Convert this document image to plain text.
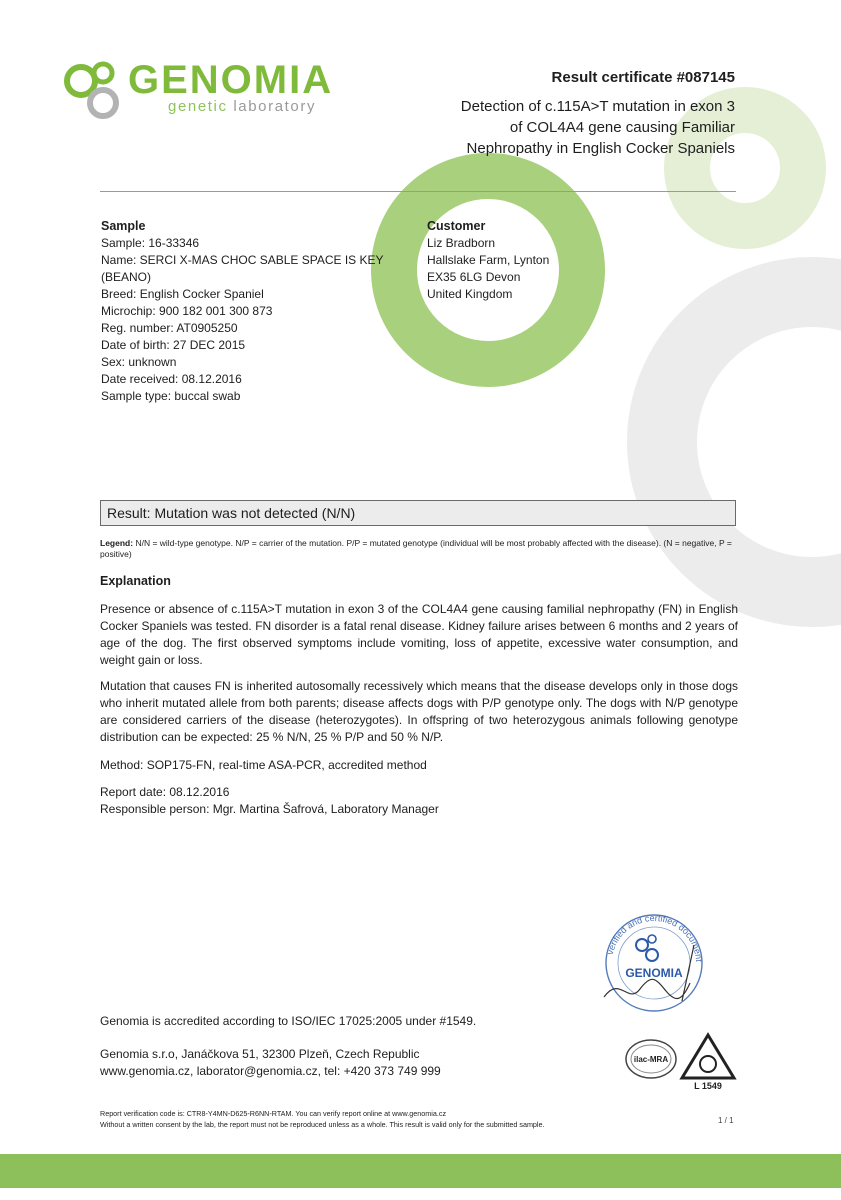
GENOMIA
genetic laboratory
Result certificate #087145
Detection of c.115A>T mutation in exon 3
of COL4A4 gene causing Familiar
Nephropathy in English Cocker Spaniels
Sample
Sample: 16-33346
Name: SERCI X-MAS CHOC SABLE SPACE IS KEY
(BEANO)
Breed: English Cocker Spaniel
Microchip: 900 182 001 300 873
Reg. number: AT0905250
Date of birth: 27 DEC 2015
Sex: unknown
Date received: 08.12.2016
Sample type: buccal swab
Customer
Liz Bradborn
Hallslake Farm, Lynton
EX35 6LG Devon
United Kingdom
Result: Mutation was not detected (N/N)
Legend: N/N = wild-type genotype. N/P = carrier of the mutation. P/P = mutated genotype (individual will be most probably affected with the disease). (N = negative, P = positive)
Explanation
Presence or absence of c.115A>T mutation in exon 3 of the COL4A4 gene causing familial nephropathy (FN) in English Cocker Spaniels was tested. FN disorder is a fatal renal disease. Kidney failure arises between 6 months and 2 years of age of the dog. The first observed symptoms include vomiting, loss of appetite, excessive water consumption, and weight gain or loss.
Mutation that causes FN is inherited autosomally recessively which means that the disease develops only in those dogs who inherit mutated allele from both parents; disease affects dogs with P/P genotype only. The dogs with N/P genotype are considered carriers of the disease (heterozygotes). In offspring of two heterozygous animals following genotype distribution can be expected: 25 % N/N, 25 % P/P and 50 % N/P.
Method: SOP175-FN, real-time ASA-PCR, accredited method
Report date: 08.12.2016
Responsible person: Mgr. Martina Šafrová, Laboratory Manager
verified and certified document
GENOMIA
Genomia is accredited according to ISO/IEC 17025:2005 under #1549.
Genomia s.r.o, Janáčkova 51, 32300 Plzeň, Czech Republic
www.genomia.cz, laborator@genomia.cz, tel: +420 373 749 999
ilac-MRA
L 1549
Report verification code is: CTR8-Y4MN-D625-R6NN-RTAM. You can verify report online at www.genomia.cz
Without a written consent by the lab, the report must not be reproduced unless as a whole. This result is valid only for the submitted sample.	1 / 1
